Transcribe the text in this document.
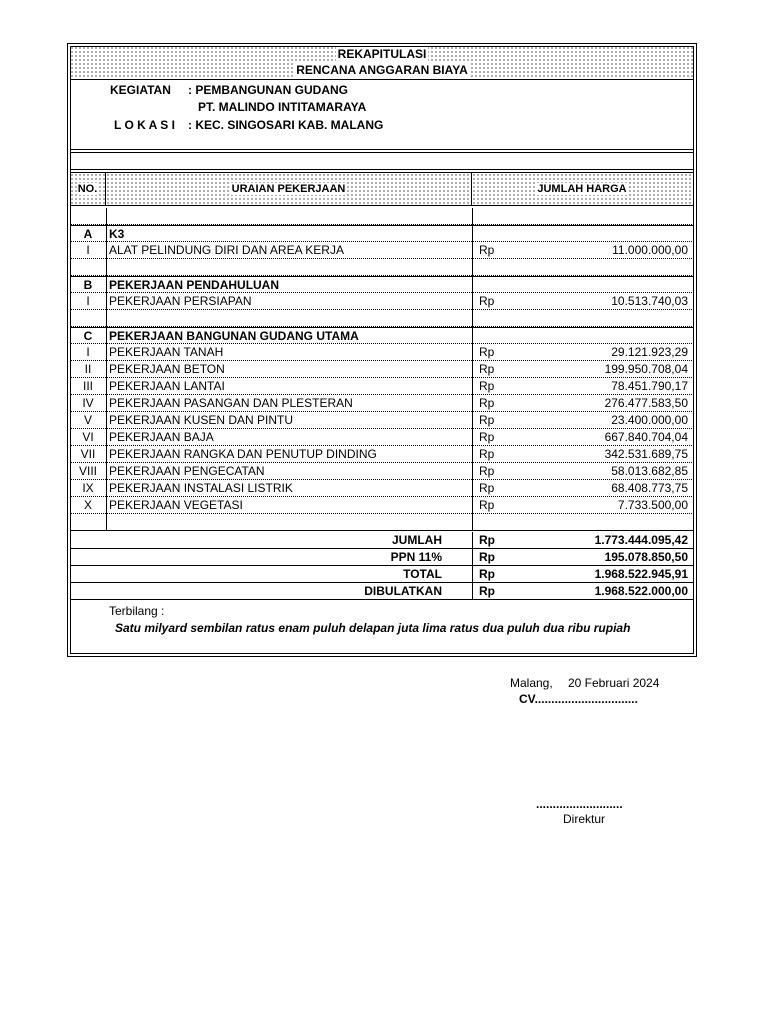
REKAPITULASI
RENCANA ANGGARAN BIAYA
KEGIATAN : PEMBANGUNAN GUDANG
PT. MALINDO INTITAMARAYA
L O K A S I : KEC. SINGOSARI KAB. MALANG
NO.	URAIAN PEKERJAAN	JUMLAH HARGA
A	K3
I	ALAT PELINDUNG DIRI DAN AREA KERJA	Rp	11.000.000,00
B	PEKERJAAN PENDAHULUAN
I	PEKERJAAN PERSIAPAN	Rp	10.513.740,03
C	PEKERJAAN BANGUNAN GUDANG UTAMA
I	PEKERJAAN TANAH	Rp	29.121.923,29
II	PEKERJAAN BETON	Rp	199.950.708,04
III	PEKERJAAN LANTAI	Rp	78.451.790,17
IV	PEKERJAAN PASANGAN DAN PLESTERAN	Rp	276.477.583,50
V	PEKERJAAN KUSEN DAN PINTU	Rp	23.400.000,00
VI	PEKERJAAN BAJA	Rp	667.840.704,04
VII	PEKERJAAN RANGKA DAN PENUTUP DINDING	Rp	342.531.689,75
VIII	PEKERJAAN PENGECATAN	Rp	58.013.682,85
IX	PEKERJAAN INSTALASI LISTRIK	Rp	68.408.773,75
X	PEKERJAAN VEGETASI	Rp	7.733.500,00
JUMLAH	Rp	1.773.444.095,42
PPN 11%	Rp	195.078.850,50
TOTAL	Rp	1.968.522.945,91
DIBULATKAN	Rp	1.968.522.000,00
Terbilang :
Satu milyard sembilan ratus enam puluh delapan juta lima ratus dua puluh dua ribu rupiah
Malang, 20 Februari 2024
CV...............................
..........................
Direktur
